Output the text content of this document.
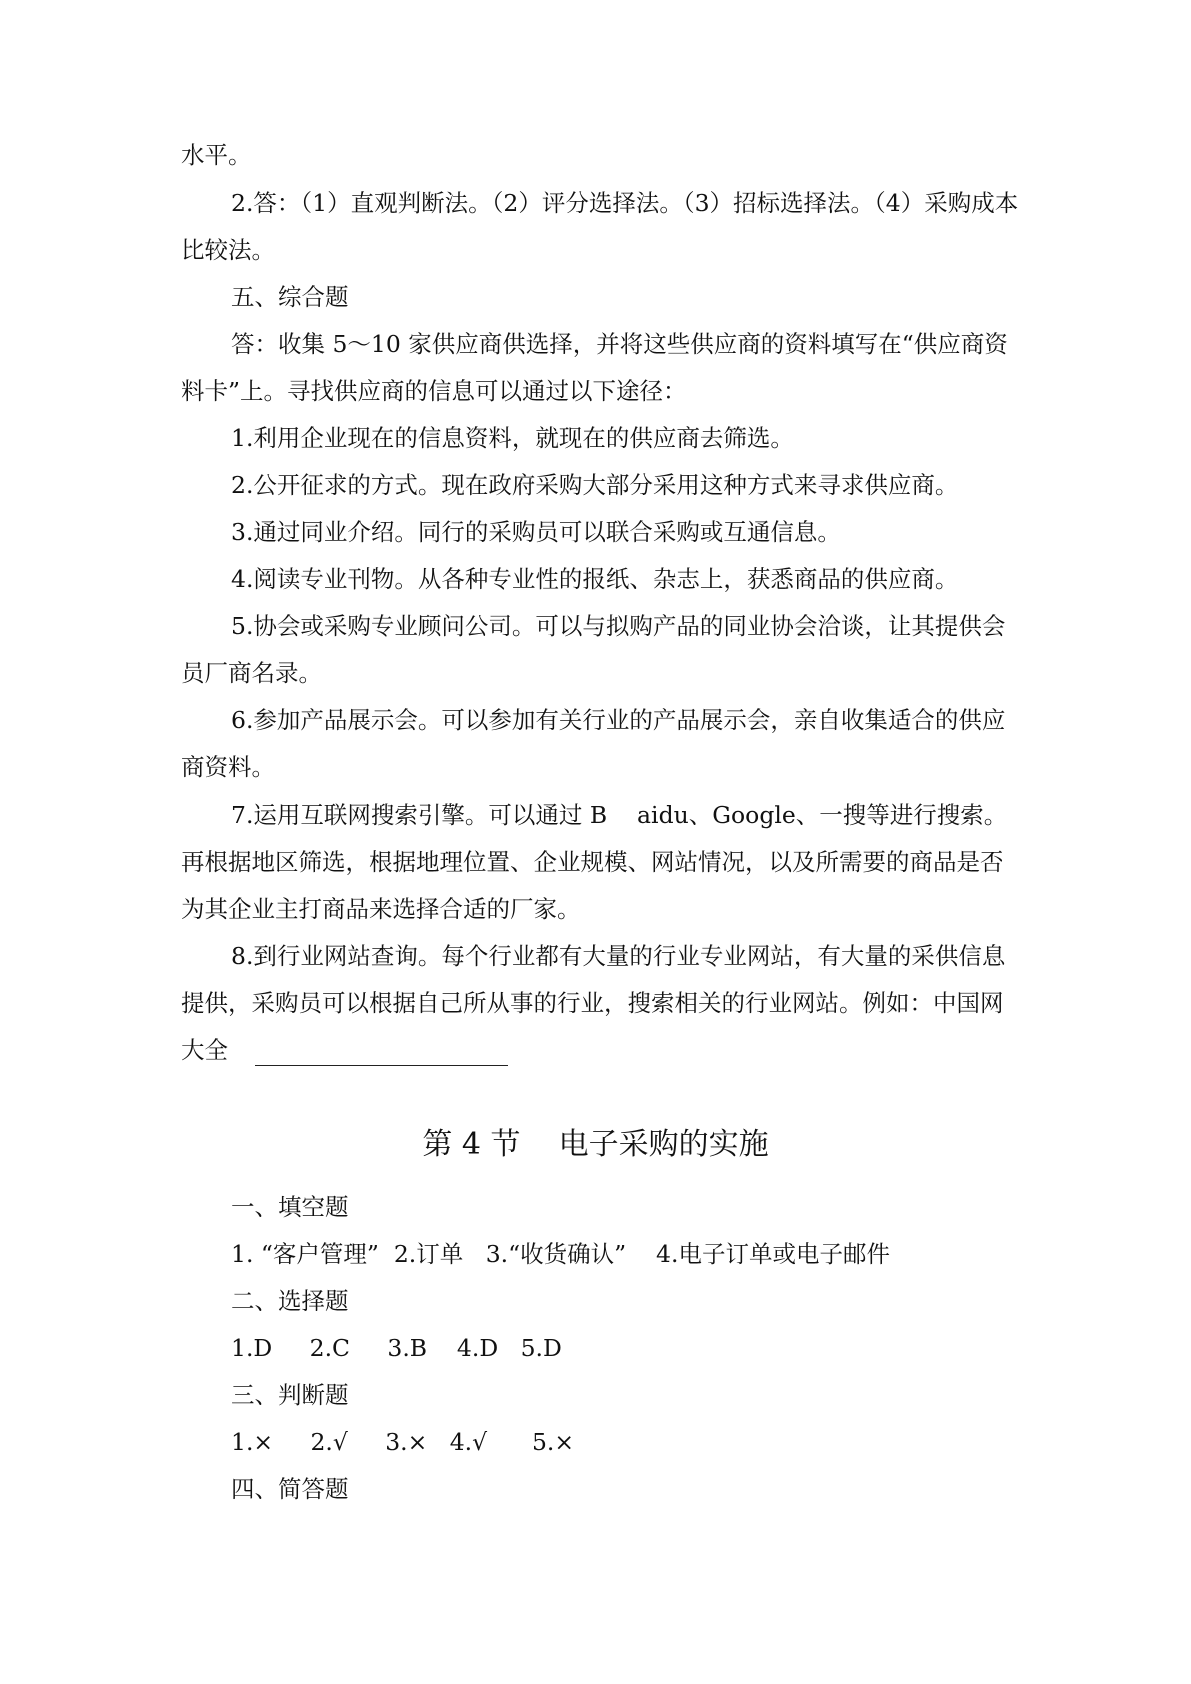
水平。

2.答：（1）直观判断法。（2）评分选择法。（3）招标选择法。（4）采购成本

比较法。

五、综合题

答：收集 5～10 家供应商供选择，并将这些供应商的资料填写在“供应商资

料卡”上。寻找供应商的信息可以通过以下途径：

1.利用企业现在的信息资料，就现在的供应商去筛选。

2.公开征求的方式。现在政府采购大部分采用这种方式来寻求供应商。

3.通过同业介绍。同行的采购员可以联合采购或互通信息。

4.阅读专业刊物。从各种专业性的报纸、杂志上，获悉商品的供应商。

5.协会或采购专业顾问公司。可以与拟购产品的同业协会洽谈，让其提供会

员厂商名录。

6.参加产品展示会。可以参加有关行业的产品展示会，亲自收集适合的供应

商资料。

7.运用互联网搜索引擎。可以通过 B    aidu、Google、一搜等进行搜索。

再根据地区筛选，根据地理位置、企业规模、网站情况，以及所需要的商品是否

为其企业主打商品来选择合适的厂家。

8.到行业网站查询。每个行业都有大量的行业专业网站，有大量的采供信息

提供，采购员可以根据自己所从事的行业，搜索相关的行业网站。例如：中国网

大全

第 4 节    电子采购的实施

一、填空题

1. “客户管理”  2.订单   3.“收货确认”    4.电子订单或电子邮件

二、选择题

1.D     2.C     3.B    4.D   5.D

三、判断题

1.×     2.√     3.×   4.√      5.×

四、简答题
